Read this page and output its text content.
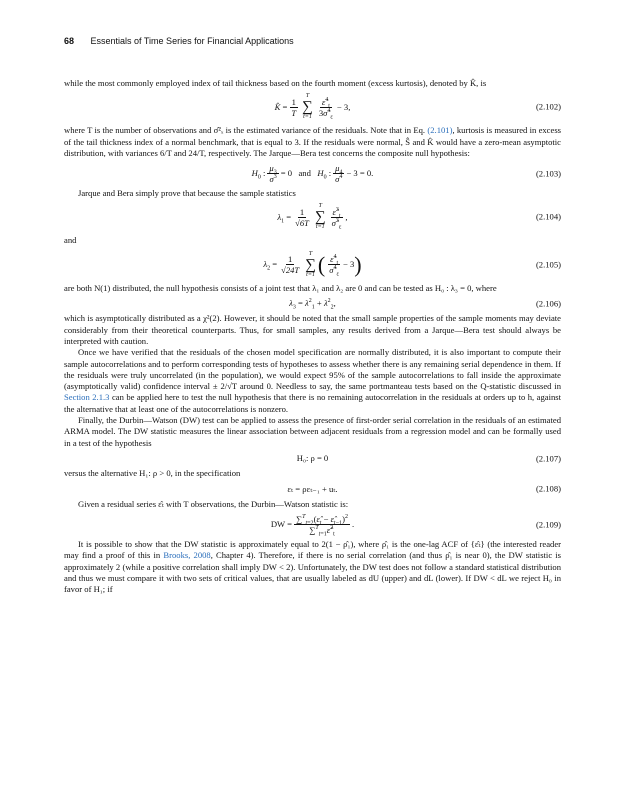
68 Essentials of Time Series for Financial Applications

while the most commonly employed index of tail thickness based on the fourth moment (excess kurtosis), denoted by K̂, is

K̂ = $\frac{1}{T}$
T
∑
$t=1 \frac{\varepsilon̂^4_t}{3\sigmâ^4_\varepsilon} - 3$,	(2.102)

where T is the number of observations and σ̂²ₓ is the estimated variance of the residuals. Note that in Eq. (2.101), kurtosis is measured in excess of the tail thickness index of a normal benchmark, that is equal to 3. If the residuals were normal, Ŝ and K̂ would have a zero-mean asymptotic distribution, with variances 6/T and 24/T, respectively. The Jarque—Bera test concerns the composite null hypothesis:

$H_0$ : $\frac{\mu_3}{\sigma^3} = 0$   and   $H_0$ : $\frac{\mu_4}{\sigma^4} - 3 = 0$.	(2.103)

Jarque and Bera simply prove that because the sample statistics

$\lambda_1 = \frac{1}{√6T}$
T
∑
$t=1 \frac{\varepsilon̂^3_t}{\sigmâ^3_\varepsilon}$ ,	(2.104)

and

$\lambda_2 = \frac{1}{√24T}$
T
∑
t=1 ( $\frac{\varepsilon̂^4_t}{\sigmâ^4_\varepsilon} - 3$ )	(2.105)

are both N(1) distributed, the null hypothesis consists of a joint test that λ₁ and λ₂ are 0 and can be tested as H₀ : λ₃ = 0, where

$\lambda_3 = \lambda^2_1 + \lambda^2_2$,	(2.106)

which is asymptotically distributed as a χ²(2). However, it should be noted that the small sample properties of the sample moments may deviate considerably from their theoretical counterparts. Thus, for small samples, any results derived from a Jarque—Bera test should always be interpreted with caution.

Once we have verified that the residuals of the chosen model specification are normally distributed, it is also important to compute their sample autocorrelations and to perform corresponding tests of hypotheses to assess whether there is any remaining serial dependence in them. If the residuals were truly uncorrelated (in the population), we would expect 95% of the sample autocorrelations to fall inside the approximate (asymptotically valid) confidence interval ± 2/√T around 0. Needless to say, the same portmanteau tests based on the Q-statistic discussed in Section 2.1.3 can be applied here to test the null hypothesis that there is no remaining autocorrelation in the residuals at orders up to h, against the alternative that at least one of the autocorrelations is nonzero.

Finally, the Durbin—Watson (DW) test can be applied to assess the presence of first-order serial correlation in the residuals of an estimated ARMA model. The DW statistic measures the linear association between adjacent residuals from a regression model and can be formally used in a test of the hypothesis

H₀: ρ = 0	(2.107)

versus the alternative H₁: ρ > 0, in the specification

εₜ = ρεₜ₋₁ + uₜ.	(2.108)

Given a residual series ε̂ₜ with T observations, the Durbin—Watson statistic is:

DW = $\frac{\sum^T_{t=2}(\varepsilon̂_t - \varepsilon̂_{t-1})^2}{\sum^T_{t=1}\varepsilon̂^2_t}$ .	(2.109)

It is possible to show that the DW statistic is approximately equal to 2(1 − ρ̂₁), where ρ̂₁ is the one-lag ACF of {ε̂ₜ} (the interested reader may find a proof of this in Brooks, 2008, Chapter 4). Therefore, if there is no serial correlation (and thus ρ̂₁ is near 0), the DW statistic is approximately 2 (while a positive correlation shall imply DW < 2). Unfortunately, the DW test does not follow a standard statistical distribution and thus we must compare it with two sets of critical values, that are usually labeled as dU (upper) and dL (lower). If DW < dL we reject H₀ in favor of H₁; if
